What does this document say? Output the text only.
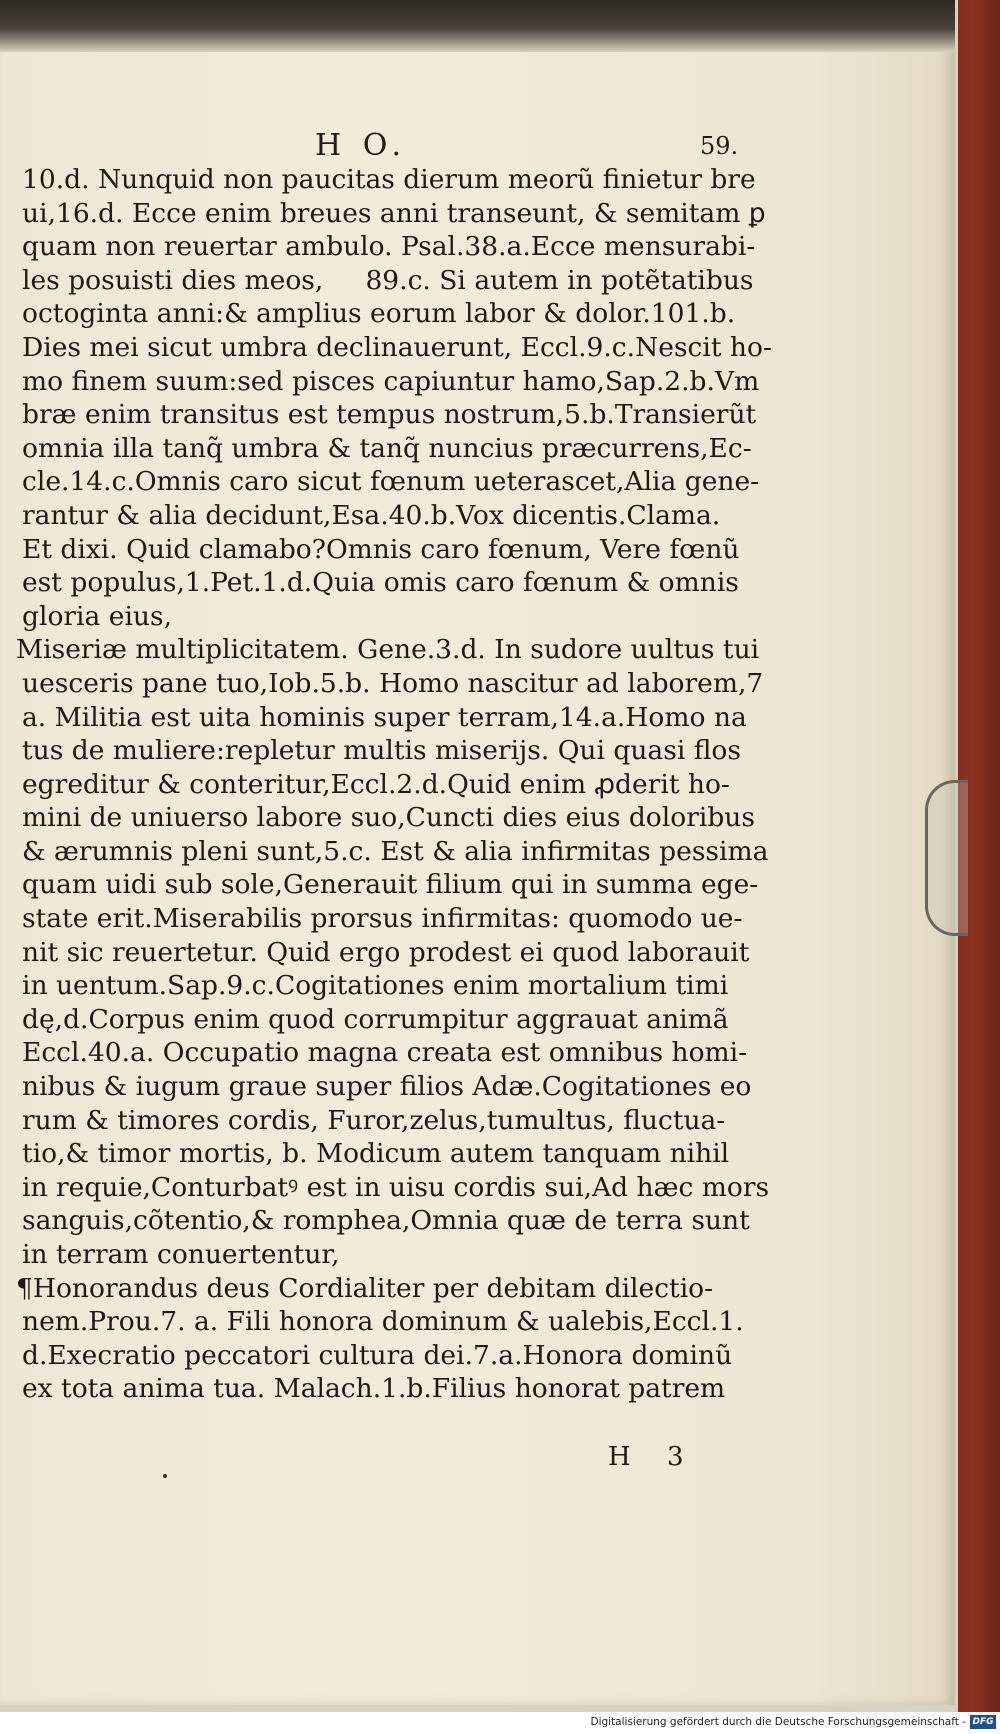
H O.	59.
10.d. Nunquid non paucitas dierum meorũ finietur bre
ui,16.d. Ecce enim breues anni transeunt, & semitam ꝑ
quam non reuertar ambulo. Psal.38.a.Ecce mensurabi-
les posuisti dies meos,     89.c. Si autem in potẽtatibus
octoginta anni:& amplius eorum labor & dolor.101.b.
Dies mei sicut umbra declinauerunt, Eccl.9.c.Nescit ho-
mo finem suum:sed pisces capiuntur hamo,Sap.2.b.Vm
bræ enim transitus est tempus nostrum,5.b.Transierũt
omnia illa tanq̃ umbra & tanq̃ nuncius præcurrens,Ec-
cle.14.c.Omnis caro sicut fœnum ueterascet,Alia gene-
rantur & alia decidunt,Esa.40.b.Vox dicentis.Clama.
Et dixi. Quid clamabo?Omnis caro fœnum, Vere fœnũ
est populus,1.Pet.1.d.Quia omis caro fœnum & omnis
gloria eius,
Miseriæ multiplicitatem. Gene.3.d. In sudore uultus tui
uesceris pane tuo,Iob.5.b. Homo nascitur ad laborem,7
a. Militia est uita hominis super terram,14.a.Homo na
tus de muliere:repletur multis miserijs. Qui quasi flos
egreditur & conteritur,Eccl.2.d.Quid enim ꝓderit ho-
mini de uniuerso labore suo,Cuncti dies eius doloribus
& ærumnis pleni sunt,5.c. Est & alia infirmitas pessima
quam uidi sub sole,Generauit filium qui in summa ege-
state erit.Miserabilis prorsus infirmitas: quomodo ue-
nit sic reuertetur. Quid ergo prodest ei quod laborauit
in uentum.Sap.9.c.Cogitationes enim mortalium timi
dę,d.Corpus enim quod corrumpitur aggrauat animã
Eccl.40.a. Occupatio magna creata est omnibus homi-
nibus & iugum graue super filios Adæ.Cogitationes eo
rum & timores cordis, Furor,zelus,tumultus, fluctua-
tio,& timor mortis, b. Modicum autem tanquam nihil
in requie,Conturbatꝰ est in uisu cordis sui,Ad hæc mors
sanguis,cõtentio,& romphea,Omnia quæ de terra sunt
in terram conuertentur,
¶Honorandus deus Cordialiter per debitam dilectio-
nem.Prou.7. a. Fili honora dominum & ualebis,Eccl.1.
d.Execratio peccatori cultura dei.7.a.Honora dominũ
ex tota anima tua. Malach.1.b.Filius honorat patrem
H 3
Digitalisierung gefördert durch die Deutsche Forschungsgemeinschaft - DFG
